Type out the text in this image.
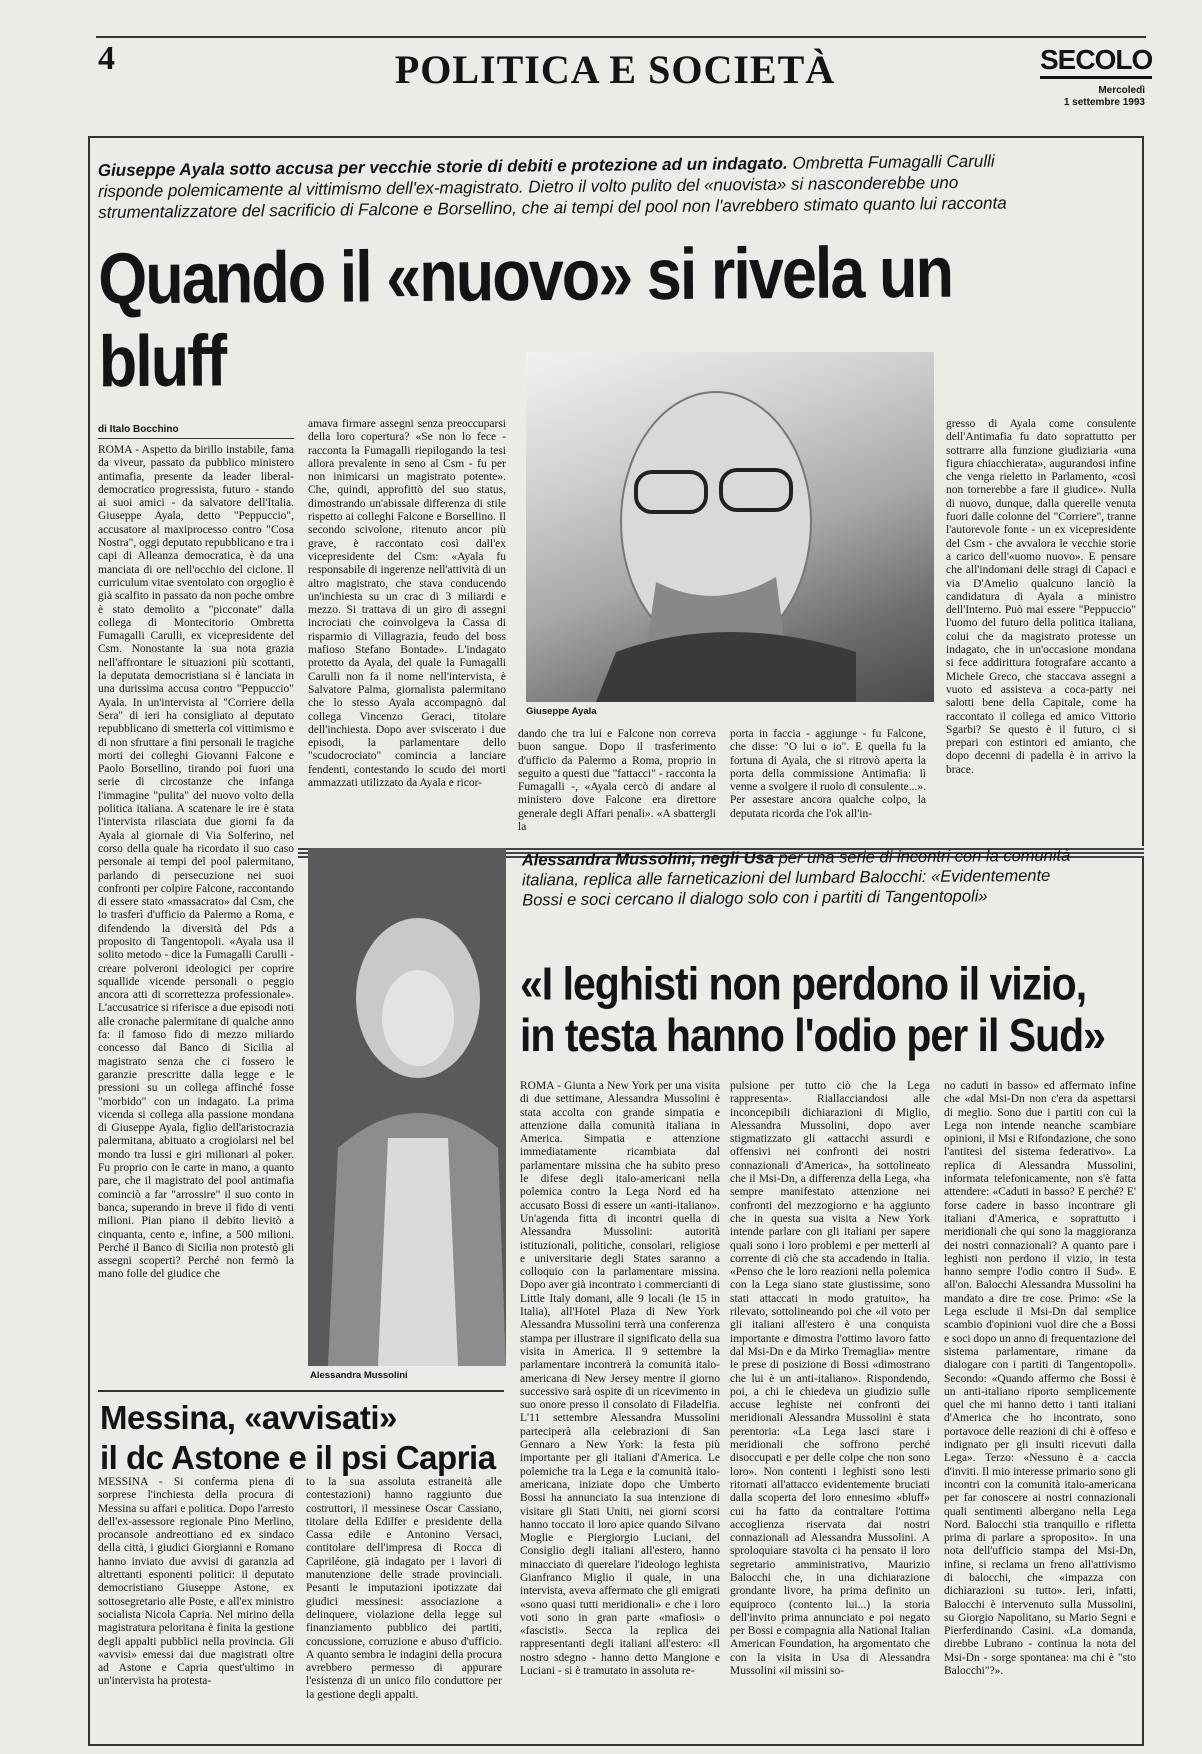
4	POLITICA E SOCIETÀ	SECOLO
Mercoledì
1 settembre 1993
Giuseppe Ayala sotto accusa per vecchie storie di debiti e protezione ad un indagato. Ombretta Fumagalli Carulli risponde polemicamente al vittimismo dell'ex-magistrato. Dietro il volto pulito del «nuovista» si nasconderebbe uno strumentalizzatore del sacrificio di Falcone e Borsellino, che ai tempi del pool non l'avrebbero stimato quanto lui racconta
Quando il «nuovo» si rivela un bluff
di Italo Bocchino

ROMA - Aspetto da birillo instabile, fama da viveur, passato da pubblico ministero antimafia, presente da leader liberal-democratico progressista, futuro - stando ai suoi amici - da salvatore dell'Italia. Giuseppe Ayala, detto "Peppuccio", accusatore al maxiprocesso contro "Cosa Nostra", oggi deputato repubblicano e tra i capi di Alleanza democratica, è da una manciata di ore nell'occhio del ciclone. Il curriculum vitae sventolato con orgoglio è già scalfito in passato da non poche ombre è stato demolito a "picconate" dalla collega di Montecitorio Ombretta Fumagalli Carulli, ex vicepresidente del Csm. Nonostante la sua nota grazia nell'affrontare le situazioni più scottanti, la deputata democristiana si è lanciata in una durissima accusa contro "Peppuccio" Ayala. In un'intervista al "Corriere della Sera" di ieri ha consigliato al deputato repubblicano di smetterla col vittimismo e di non sfruttare a fini personali le tragiche morti dei colleghi Giovanni Falcone e Paolo Borsellino, tirando poi fuori una serie di circostanze che infanga l'immagine "pulita" del nuovo volto della politica italiana. A scatenare le ire è stata l'intervista rilasciata due giorni fa da Ayala al giornale di Via Solferino, nel corso della quale ha ricordato il suo caso personale ai tempi del pool palermitano, parlando di persecuzione nei suoi confronti per colpire Falcone, raccontando di essere stato «massacrato» dal Csm, che lo trasferì d'ufficio da Palermo a Roma, e difendendo la diversità del Pds a proposito di Tangentopoli. «Ayala usa il solito metodo - dice la Fumagalli Carulli - creare polveroni ideologici per coprire squallide vicende personali o peggio ancora atti di scorrettezza professionale». L'accusatrice si riferisce a due episodi noti alle cronache palermitane di qualche anno fa: il famoso fido di mezzo miliardo concesso dal Banco di Sicilia al magistrato senza che ci fossero le garanzie prescritte dalla legge e le pressioni su un collega affinché fosse "morbido" con un indagato. La prima vicenda si collega alla passione mondana di Giuseppe Ayala, figlio dell'aristocrazia palermitana, abituato a crogiolarsi nel bel mondo tra lussi e giri milionari al poker. Fu proprio con le carte in mano, a quanto pare, che il magistrato del pool antimafia cominciò a far "arrossire" il suo conto in banca, superando in breve il fido di venti milioni. Pian piano il debito lievitò a cinquanta, cento e, infine, a 500 milioni. Perché il Banco di Sicilia non protestò gli assegni scoperti? Perché non fermò la mano folle del giudice che

amava firmare assegni senza preoccuparsi della loro copertura? «Se non lo fece - racconta la Fumagalli riepilogando la tesi allora prevalente in seno al Csm - fu per non inimicarsi un magistrato potente». Che, quindi, approfittò del suo status, dimostrando un'abissale differenza di stile rispetto ai colleghi Falcone e Borsellino. Il secondo scivolone, ritenuto ancor più grave, è raccontato così dall'ex vicepresidente del Csm: «Ayala fu responsabile di ingerenze nell'attività di un altro magistrato, che stava conducendo un'inchiesta su un crac di 3 miliardi e mezzo. Si trattava di un giro di assegni incrociati che coinvolgeva la Cassa di risparmio di Villagrazia, feudo del boss mafioso Stefano Bontade». L'indagato protetto da Ayala, del quale la Fumagalli Carulli non fa il nome nell'intervista, è Salvatore Palma, giornalista palermitano che lo stesso Ayala accompagnò dal collega Vincenzo Geraci, titolare dell'inchiesta. Dopo aver sviscerato i due episodi, la parlamentare dello "scudocrociato" comincia a lanciare fendenti, contestando lo scudo dei morti ammazzati utilizzato da Ayala e ricor-

Giuseppe Ayala

dando che tra lui e Falcone non correva buon sangue. Dopo il trasferimento d'ufficio da Palermo a Roma, proprio in seguito a questi due "fattacci" - racconta la Fumagalli -, «Ayala cercò di andare al ministero dove Falcone era direttore generale degli Affari penali». «A sbattergli la

porta in faccia - aggiunge - fu Falcone, che disse: "O lui o io". E quella fu la fortuna di Ayala, che si ritrovò aperta la porta della commissione Antimafia: lì venne a svolgere il ruolo di consulente...». Per assestare ancora qualche colpo, la deputata ricorda che l'ok all'in-

gresso di Ayala come consulente dell'Antimafia fu dato soprattutto per sottrarre alla funzione giudiziaria «una figura chiacchierata», augurandosi infine che venga rieletto in Parlamento, «così non tornerebbe a fare il giudice». Nulla di nuovo, dunque, dalla querelle venuta fuori dalle colonne del "Corriere", tranne l'autorevole fonte - un ex vicepresidente del Csm - che avvalora le vecchie storie a carico dell'«uomo nuovo». E pensare che all'indomani delle stragi di Capaci e via D'Amelio qualcuno lanciò la candidatura di Ayala a ministro dell'Interno. Può mai essere "Peppuccio" l'uomo del futuro della politica italiana, colui che da magistrato protesse un indagato, che in un'occasione mondana si fece addirittura fotografare accanto a Michele Greco, che staccava assegni a vuoto ed assisteva a coca-party nei salotti bene della Capitale, come ha raccontato il collega ed amico Vittorio Sgarbi? Se questo è il futuro, ci si prepari con estintori ed amianto, che dopo decenni di padella è in arrivo la brace.

Alessandra Mussolini
Alessandra Mussolini, negli Usa per una serie di incontri con la comunità italiana, replica alle farneticazioni del lumbard Balocchi: «Evidentemente Bossi e soci cercano il dialogo solo con i partiti di Tangentopoli»
«I leghisti non perdono il vizio,
in testa hanno l'odio per il Sud»

ROMA - Giunta a New York per una visita di due settimane, Alessandra Mussolini è stata accolta con grande simpatia e attenzione dalla comunità italiana in America. Simpatia e attenzione immediatamente ricambiata dal parlamentare missina che ha subito preso le difese degli italo-americani nella polemica contro la Lega Nord ed ha accusato Bossi di essere un «anti-italiano». Un'agenda fitta di incontri quella di Alessandra Mussolini: autorità istituzionali, politiche, consolari, religiose e universitarie degli States saranno a colloquio con la parlamentare missina. Dopo aver già incontrato i commercianti di Little Italy domani, alle 9 locali (le 15 in Italia), all'Hotel Plaza di New York Alessandra Mussolini terrà una conferenza stampa per illustrare il significato della sua visita in America. Il 9 settembre la parlamentare incontrerà la comunità italo-americana di New Jersey mentre il giorno successivo sarà ospite di un ricevimento in suo onore presso il consolato di Filadelfia. L'11 settembre Alessandra Mussolini parteciperà alla celebrazioni di San Gennaro a New York: la festa più importante per gli italiani d'America. Le polemiche tra la Lega e la comunità italo-americana, iniziate dopo che Umberto Bossi ha annunciato la sua intenzione di visitare gli Stati Uniti, nei giorni scorsi hanno toccato il loro apice quando Silvano Moglie e Piergiorgio Luciani, del Consiglio degli italiani all'estero, hanno minacciato di querelare l'ideologo leghista Gianfranco Miglio il quale, in una intervista, aveva affermato che gli emigrati «sono quasi tutti meridionali» e che i loro voti sono in gran parte «mafiosi» o «fascisti». Secca la replica dei rappresentanti degli italiani all'estero: «Il nostro sdegno - hanno detto Mangione e Luciani - si è tramutato in assoluta re-

pulsione per tutto ciò che la Lega rappresenta». Riallacciandosi alle inconcepibili dichiarazioni di Miglio, Alessandra Mussolini, dopo aver stigmatizzato gli «attacchi assurdi e offensivi nei confronti dei nostri connazionali d'America», ha sottolineato che il Msi-Dn, a differenza della Lega, «ha sempre manifestato attenzione nei confronti del mezzogiorno e ha aggiunto che in questa sua visita a New York intende parlare con gli italiani per sapere quali sono i loro problemi e per metterli al corrente di ciò che sta accadendo in Italia. «Penso che le loro reazioni nella polemica con la Lega siano state giustissime, sono stati attaccati in modo gratuito», ha rilevato, sottolineando poi che «il voto per gli italiani all'estero è una conquista importante e dimostra l'ottimo lavoro fatto dal Msi-Dn e da Mirko Tremaglia» mentre le prese di posizione di Bossi «dimostrano che lui è un anti-italiano». Rispondendo, poi, a chi le chiedeva un giudizio sulle accuse leghiste nei confronti dei meridionali Alessandra Mussolini è stata perentoria: «La Lega lasci stare i meridionali che soffrono perché disoccupati e per delle colpe che non sono loro». Non contenti i leghisti sono lesti ritornati all'attacco evidentemente bruciati dalla scoperta del loro ennesimo «bluff» cui ha fatto da contraltare l'ottima accoglienza riservata dai nostri connazionali ad Alessandra Mussolini. A sproloquiare stavolta ci ha pensato il loro segretario amministrativo, Maurizio Balocchi che, in una dichiarazione grondante livore, ha prima definito un equiproco (contento lui...) la storia dell'invito prima annunciato e poi negato per Bossi e compagnia alla National Italian American Foundation, ha argomentato che con la visita in Usa di Alessandra Mussolini «il missini so-

no caduti in basso» ed affermato infine che «dal Msi-Dn non c'era da aspettarsi di meglio. Sono due i partiti con cui la Lega non intende neanche scambiare opinioni, il Msi e Rifondazione, che sono l'antitesi del sistema federativo». La replica di Alessandra Mussolini, informata telefonicamente, non s'è fatta attendere: «Caduti in basso? E perché? E' forse cadere in basso incontrare gli italiani d'America, e soprattutto i meridionali che qui sono la maggioranza dei nostri connazionali? A quanto pare i leghisti non perdono il vizio, in testa hanno sempre l'odio contro il Sud». E all'on. Balocchi Alessandra Mussolini ha mandato a dire tre cose. Primo: «Se la Lega esclude il Msi-Dn dal semplice scambio d'opinioni vuol dire che a Bossi e soci dopo un anno di frequentazione del sistema parlamentare, rimane da dialogare con i partiti di Tangentopoli». Secondo: «Quando affermo che Bossi è un anti-italiano riporto semplicemente quel che mi hanno detto i tanti italiani d'America che ho incontrato, sono portavoce delle reazioni di chi è offeso e indignato per gli insulti ricevuti dalla Lega». Terzo: «Nessuno è a caccia d'inviti. Il mio interesse primario sono gli incontri con la comunità italo-americana per far conoscere ai nostri connazionali quali sentimenti albergano nella Lega Nord. Balocchi stia tranquillo e rifletta prima di parlare a sproposito». In una nota dell'ufficio stampa del Msi-Dn, infine, si reclama un freno all'attivismo di balocchi, che «impazza con dichiarazioni su tutto». Ieri, infatti, Balocchi è intervenuto sulla Mussolini, su Giorgio Napolitano, su Mario Segni e Pierferdinando Casini. «La domanda, direbbe Lubrano - continua la nota del Msi-Dn - sorge spontanea: ma chi è "sto Balocchi"?».

Messina, «avvisati»
il dc Astone e il psi Capria

MESSINA - Si conferma piena di sorprese l'inchiesta della procura di Messina su affari e politica. Dopo l'arresto dell'ex-assessore regionale Pino Merlino, procansole andreottiano ed ex sindaco della città, i giudici Giorgianni e Romano hanno inviato due avvisi di garanzia ad altrettanti esponenti politici: il deputato democristiano Giuseppe Astone, ex sottosegretario alle Poste, e all'ex ministro socialista Nicola Capria. Nel mirino della magistratura peloritana è finita la gestione degli appalti pubblici nella provincia. Gli «avvisi» emessi dai due magistrati oltre ad Astone e Capria quest'ultimo in un'intervista ha protesta-

to la sua assoluta estraneità alle contestazioni) hanno raggiunto due costruttori, il messinese Oscar Cassiano, titolare della Edilfer e presidente della Cassa edile e Antonino Versaci, contitolare dell'impresa di Rocca di Capriléone, già indagato per i lavori di manutenzione delle strade provinciali. Pesanti le imputazioni ipotizzate dai giudici messinesi: associazione a delinquere, violazione della legge sul finanziamento pubblico dei partiti, concussione, corruzione e abuso d'ufficio. A quanto sembra le indagini della procura avrebbero permesso di appurare l'esistenza di un unico filo conduttore per la gestione degli appalti.
